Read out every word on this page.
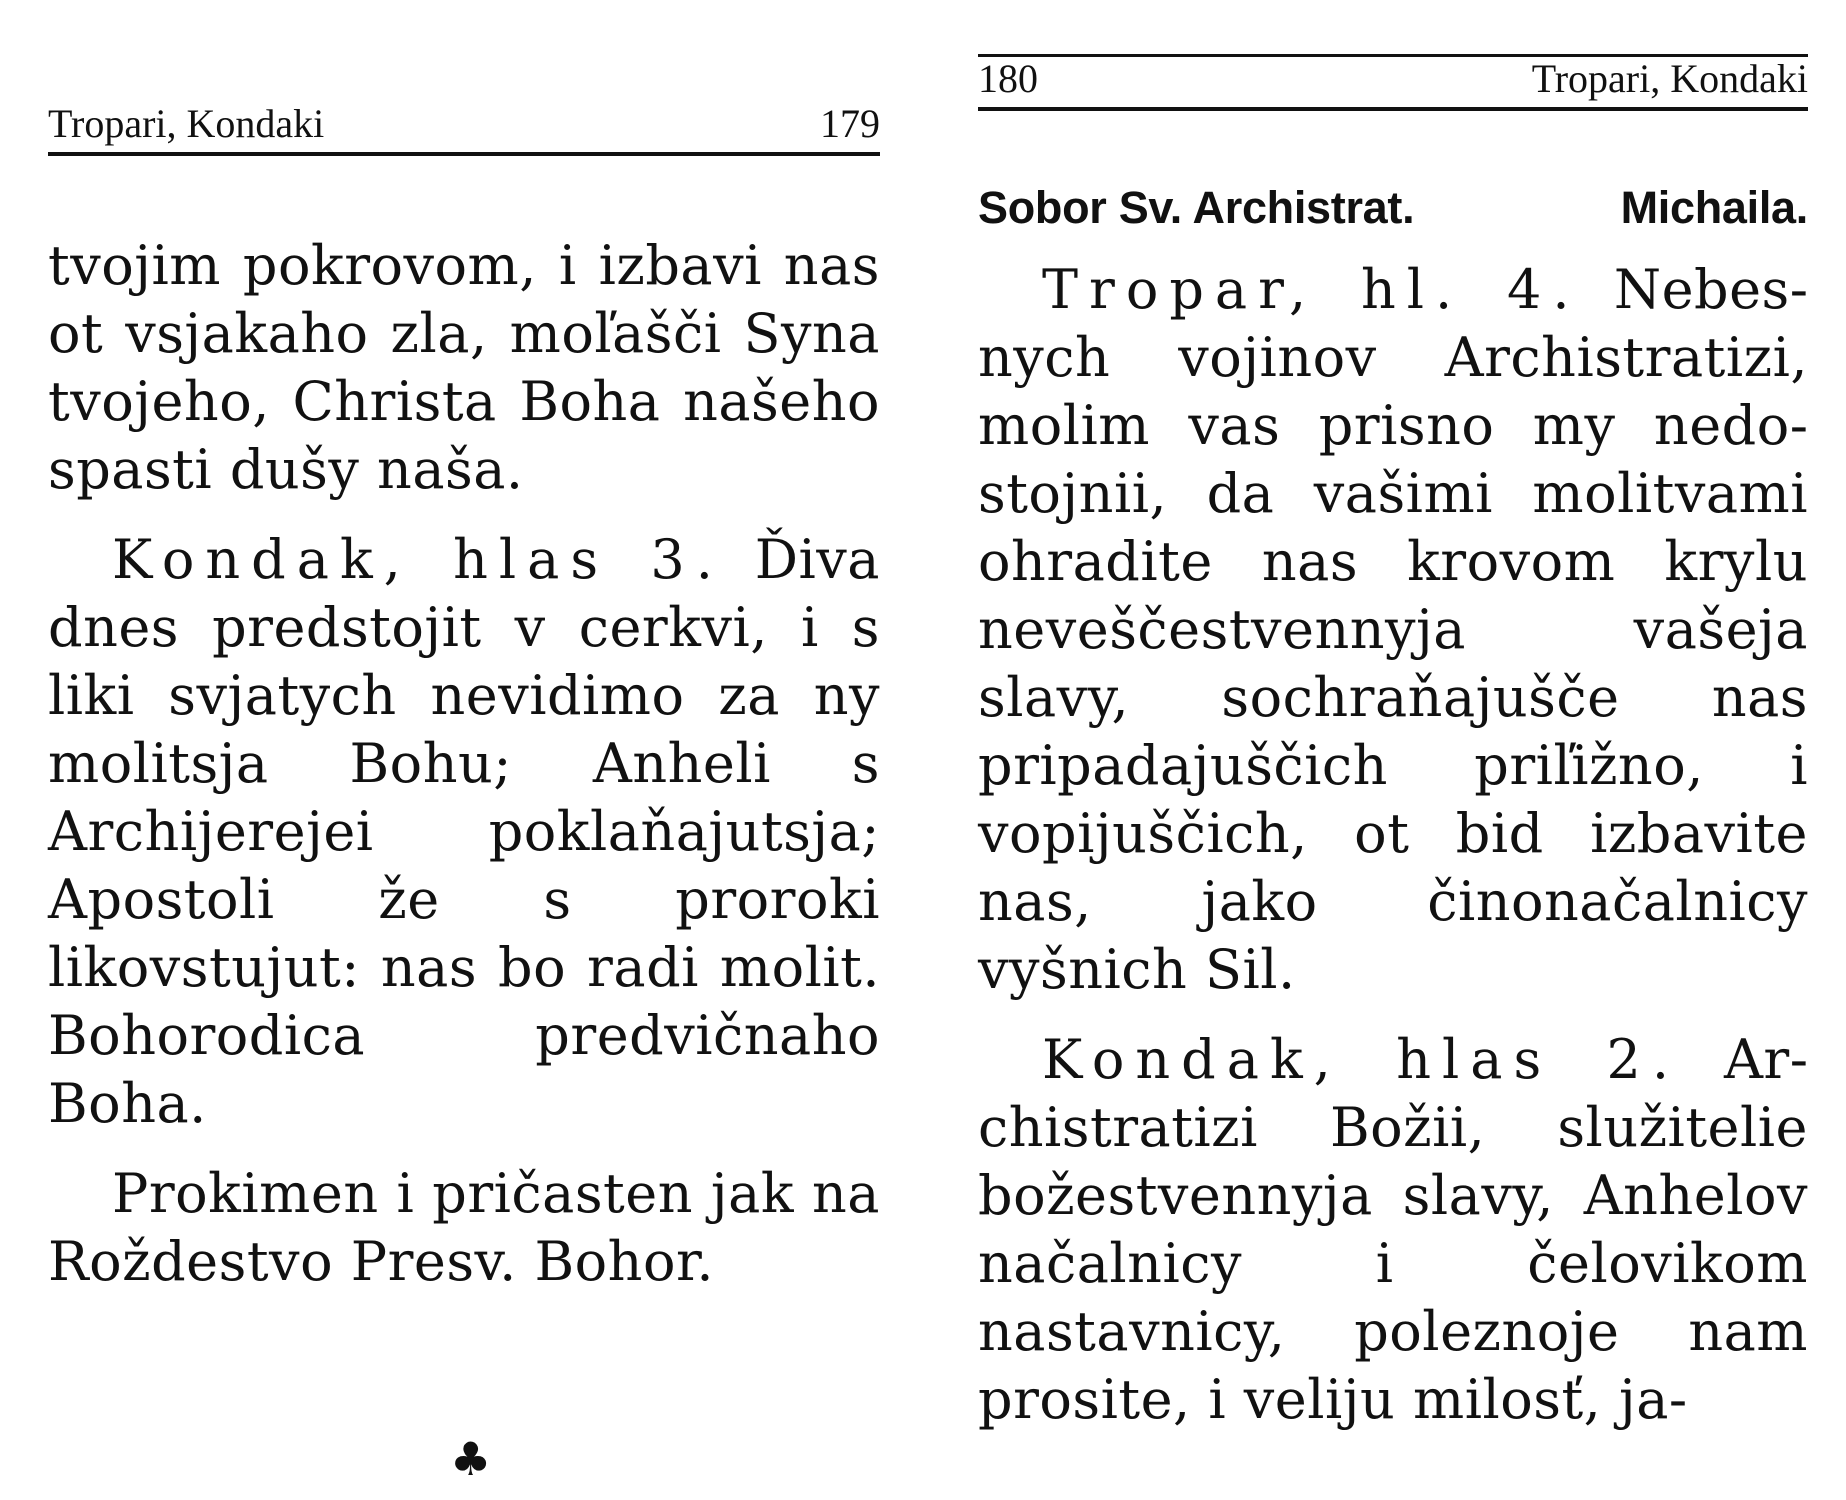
Tropari, Kondaki	179

tvojim pokrovom, i izbavi nas ot vsjakaho zla, moľašči Syna tvojeho, Christa Boha našeho spasti dušy naša.

Kondak, hlas 3. Ďiva dnes predstojit v cerkvi, i s liki svjatych nevidimo za ny molitsja Bohu; Anheli s Archijerejei poklaňajutsja; Apostoli že s proroki likovstujut: nas bo radi molit. Bohorodica predvičnaho Boha.

Prokimen i pričasten jak na Roždestvo Presv. Bohor.

♣
180	Tropari, Kondaki
Sobor Sv. Archistrat.	Michaila.

Tropar, hl. 4. Nebesnych vojinov Archistratizi, molim vas prisno my nedostojnii, da vašimi molitvami ohradite nas krovom krylu neveščestvennyja vašeja slavy, sochraňajušče nas pripadajuščich priľižno, i vopijuščich, ot bid izbavite nas, jako činonačalnicy vyšnich Sil.

Kondak, hlas 2. Archistratizi Božii, služitelie božestvennyja slavy, Anhelov načalnicy i čelovikom nastavnicy, poleznoje nam prosite, i veliju milosť, ja-
